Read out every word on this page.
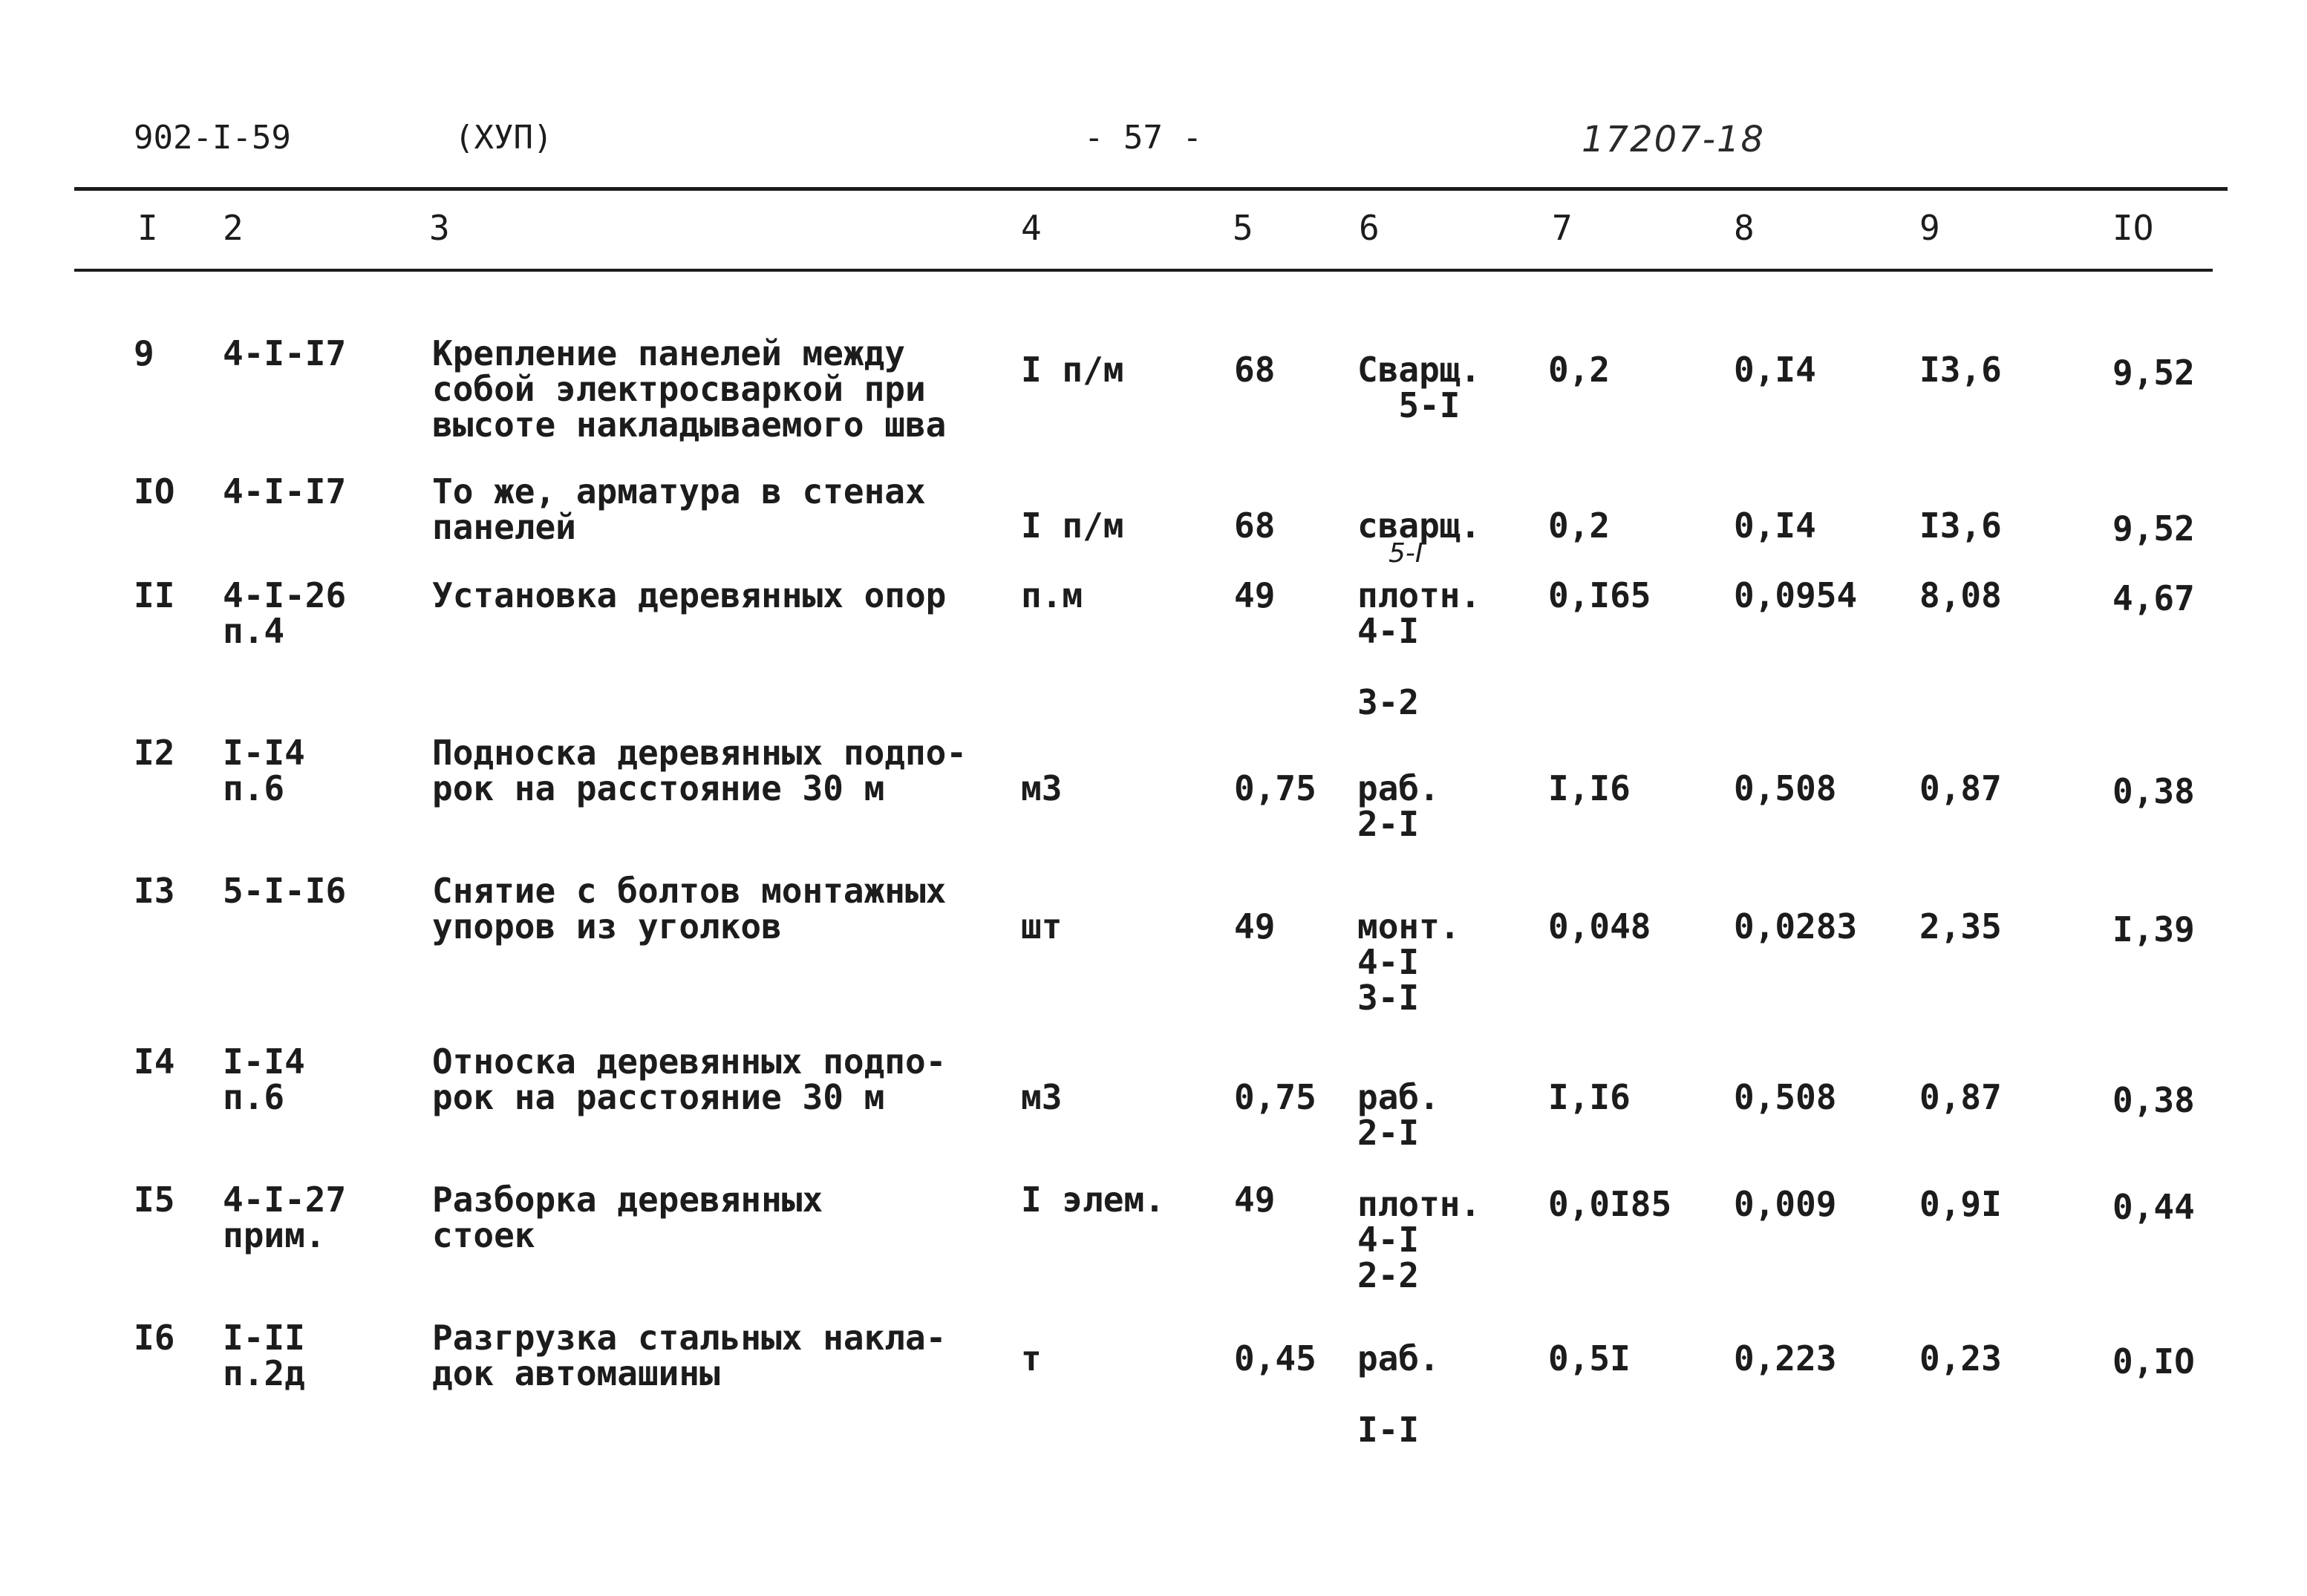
902-I-59	(ХУП)	- 57 -	17207-18
I 2	3	4	5	6	7	8	9	IO
9 4-I-I7	Крепление панелей между
собой электросваркой при
высоте накладываемого шва
I п/м	68 Сварщ.
5-I
0,2	0,I4	I3,6	9,52
IO 4-I-I7	То же, арматура в стенах
панелей	I п/м	68 сварщ.
5-I
0,2	0,I4	I3,6	9,52
II 4-I-26
п.4
Установка деревянных опор п.м	49 плотн.
4-I

3-2
0,I65 0,0954 8,08	4,67
I2 I-I4
п.6
Подноска деревянных подпо-
рок на расстояние 30 м	м3	0,75 раб.
2-I
I,I6	0,508 0,87	0,38
I3 5-I-I6	Снятие с болтов монтажных
упоров из уголков	шт	49 монт.
4-I
3-I
0,048 0,0283 2,35	I,39
I4 I-I4
п.6
Относка деревянных подпо-
рок на расстояние 30 м	м3	0,75 раб.
2-I
I,I6	0,508 0,87	0,38
I5 4-I-27
прим.
Разборка деревянных
стоек
I элем. 49 плотн.
4-I
2-2
0,0I85 0,009 0,9I	0,44
I6 I-II
п.2д
Разгрузка стальных накла-
док автомашины	т	0,45 раб.

I-I
0,5I	0,223 0,23	0,IO
